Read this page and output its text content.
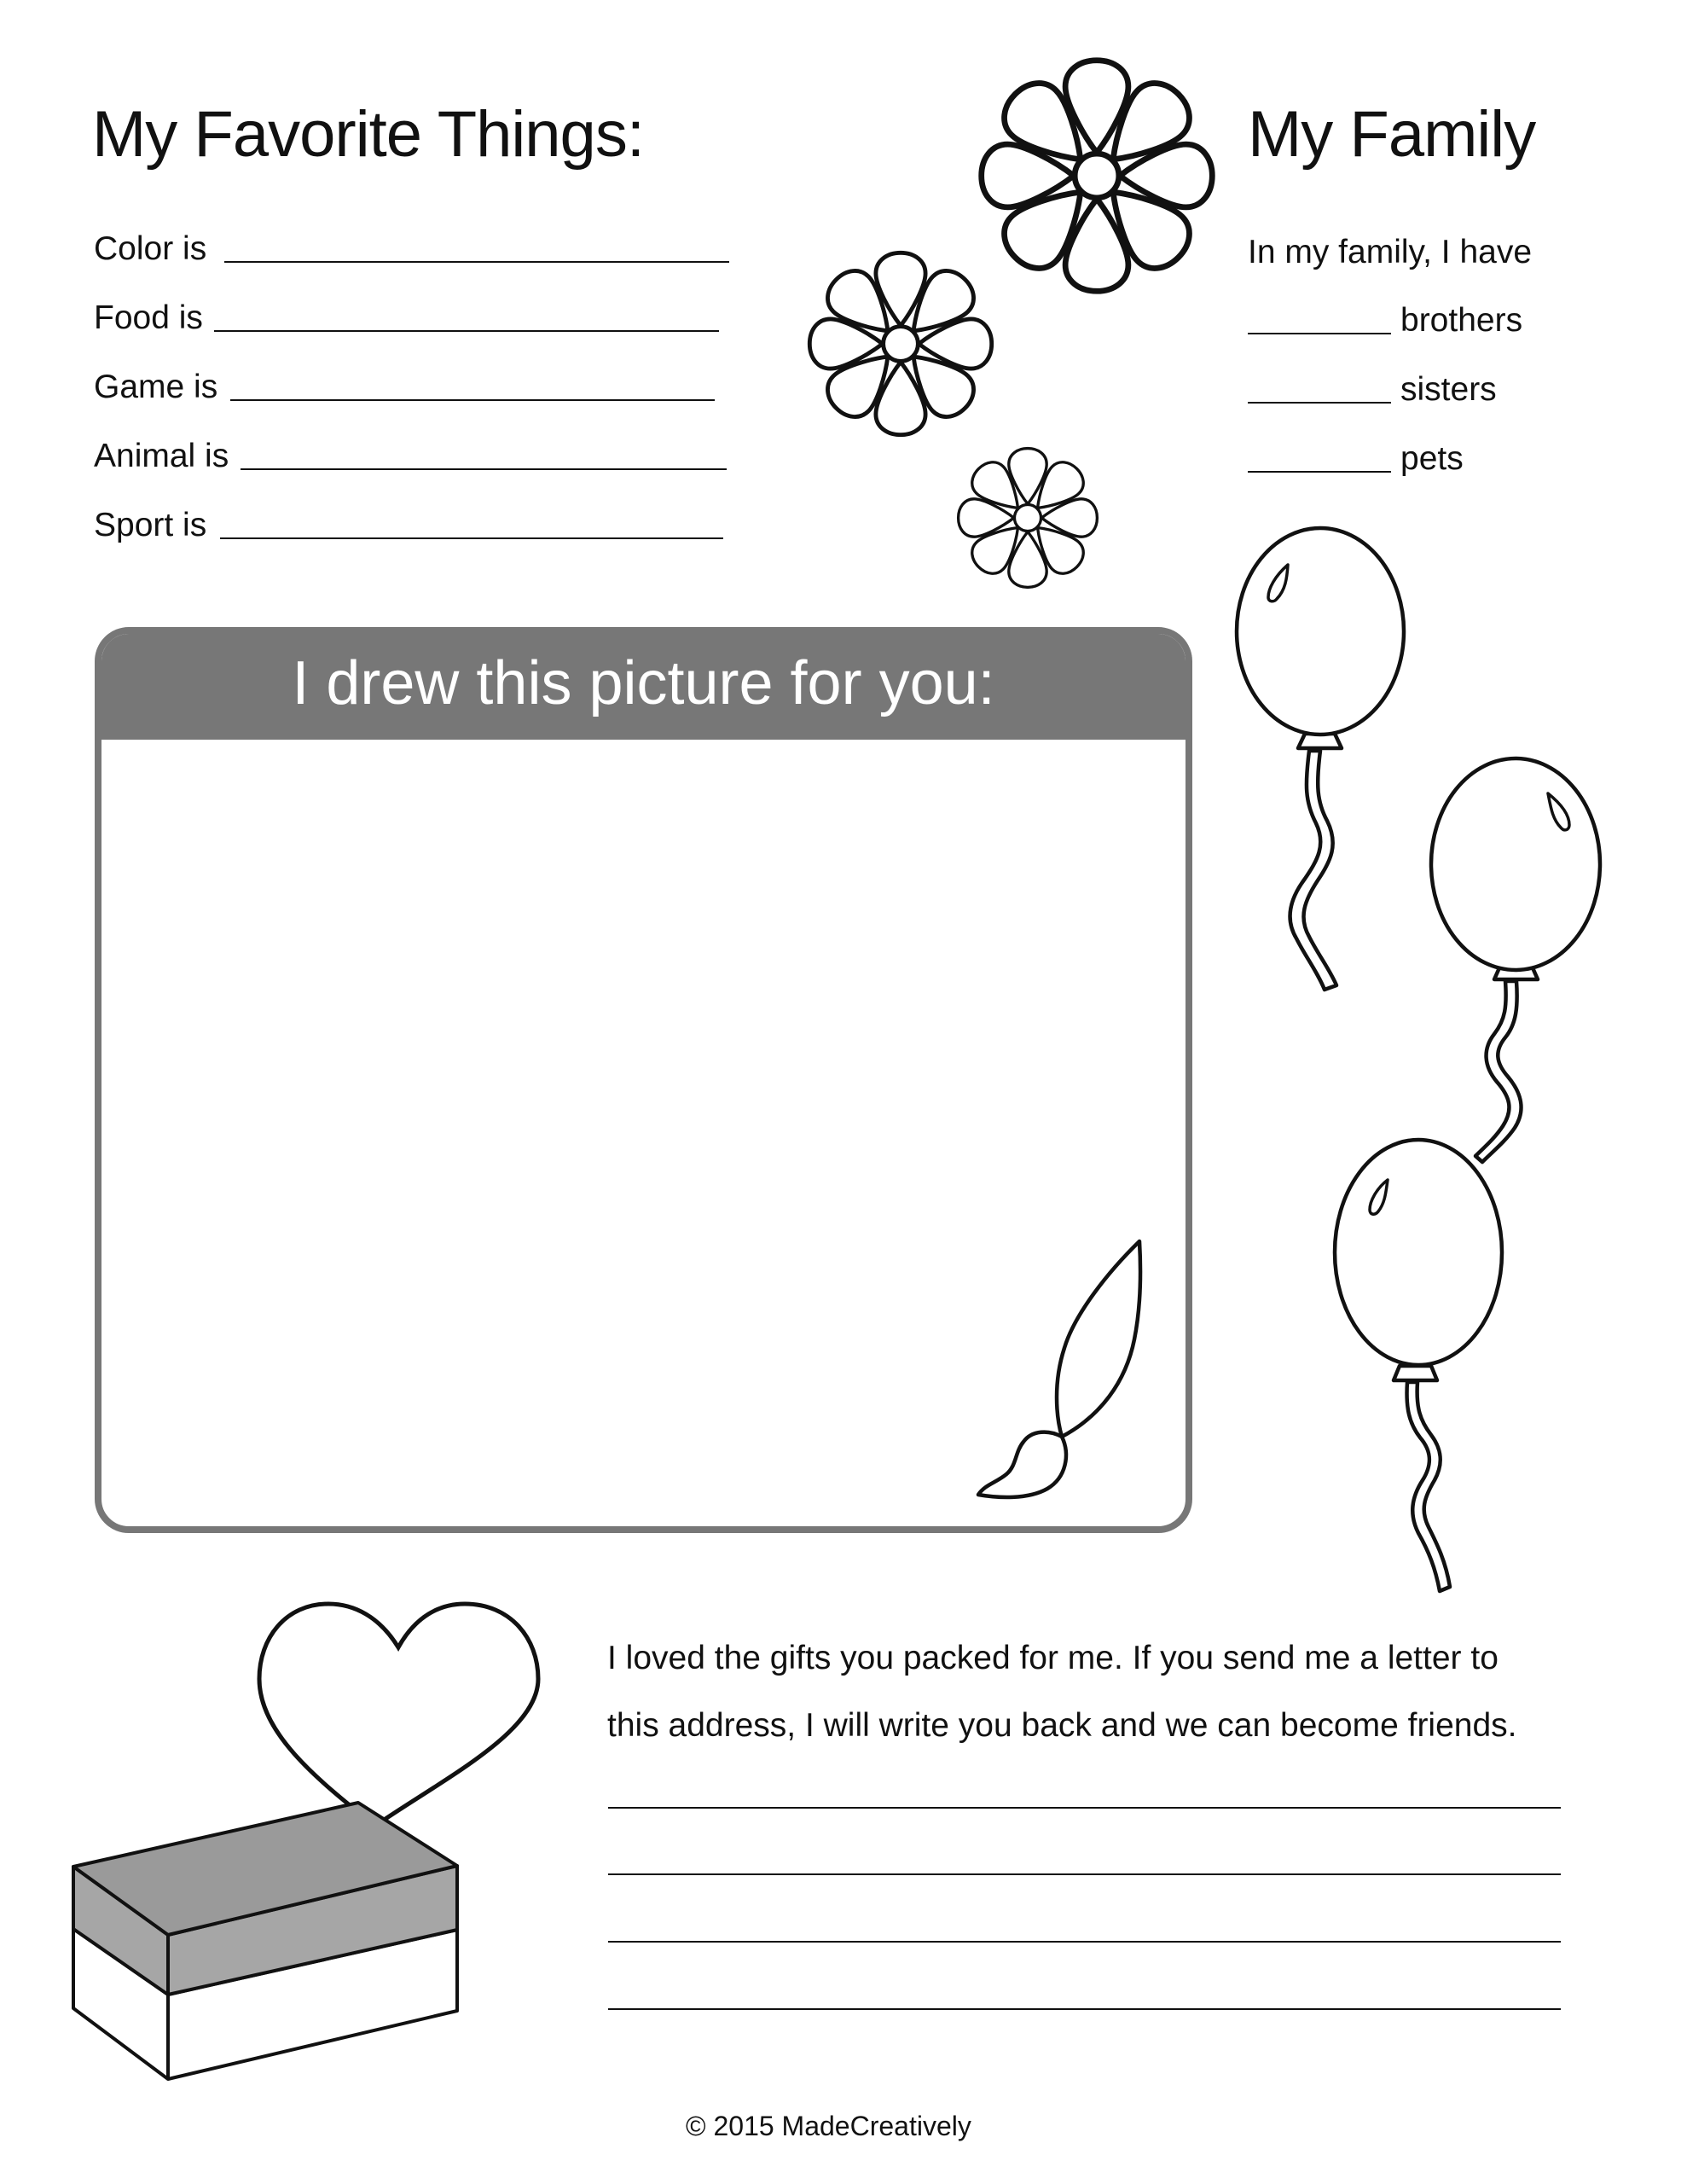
My Favorite Things:
Color is
Food is
Game is
Animal is
Sport is
My Family
In my family, I have
brothers
sisters
pets
I drew this picture for you:
I loved the gifts you packed for me. If you send me a letter to
this address, I will write you back and we can become friends.
© 2015 MadeCreatively
